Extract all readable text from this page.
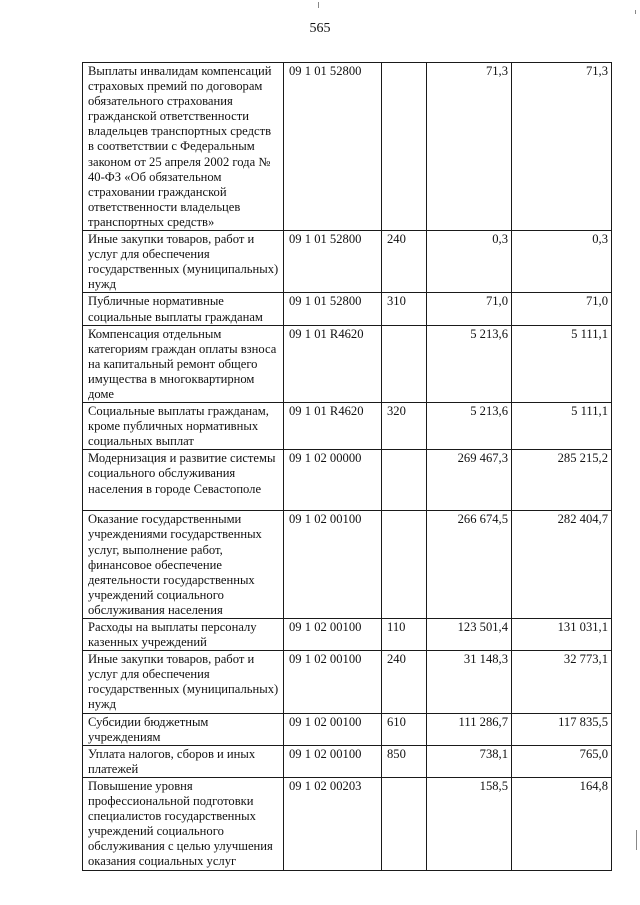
565
Выплаты инвалидам компенсаций страховых премий по договорам обязательного страхования гражданской ответственности владельцев транспортных средств в соответствии с Федеральным законом от 25 апреля 2002 года № 40-ФЗ «Об обязательном страховании гражданской ответственности владельцев транспортных средств»	09 1 01 52800		71,3	71,3
Иные закупки товаров, работ и услуг для обеспечения государственных (муниципальных) нужд	09 1 01 52800	240	0,3	0,3
Публичные нормативные социальные выплаты гражданам	09 1 01 52800	310	71,0	71,0
Компенсация отдельным категориям граждан оплаты взноса на капитальный ремонт общего имущества в многоквартирном доме	09 1 01 R4620		5 213,6	5 111,1
Социальные выплаты гражданам, кроме публичных нормативных социальных выплат	09 1 01 R4620	320	5 213,6	5 111,1
Модернизация и развитие системы социального обслуживания населения в городе Севастополе	09 1 02 00000		269 467,3	285 215,2
Оказание государственными учреждениями государственных услуг, выполнение работ, финансовое обеспечение деятельности государственных учреждений социального обслуживания населения	09 1 02 00100		266 674,5	282 404,7
Расходы на выплаты персоналу казенных учреждений	09 1 02 00100	110	123 501,4	131 031,1
Иные закупки товаров, работ и услуг для обеспечения государственных (муниципальных) нужд	09 1 02 00100	240	31 148,3	32 773,1
Субсидии бюджетным учреждениям	09 1 02 00100	610	111 286,7	117 835,5
Уплата налогов, сборов и иных платежей	09 1 02 00100	850	738,1	765,0
Повышение уровня профессиональной подготовки специалистов государственных учреждений социального обслуживания с целью улучшения оказания социальных услуг	09 1 02 00203		158,5	164,8
